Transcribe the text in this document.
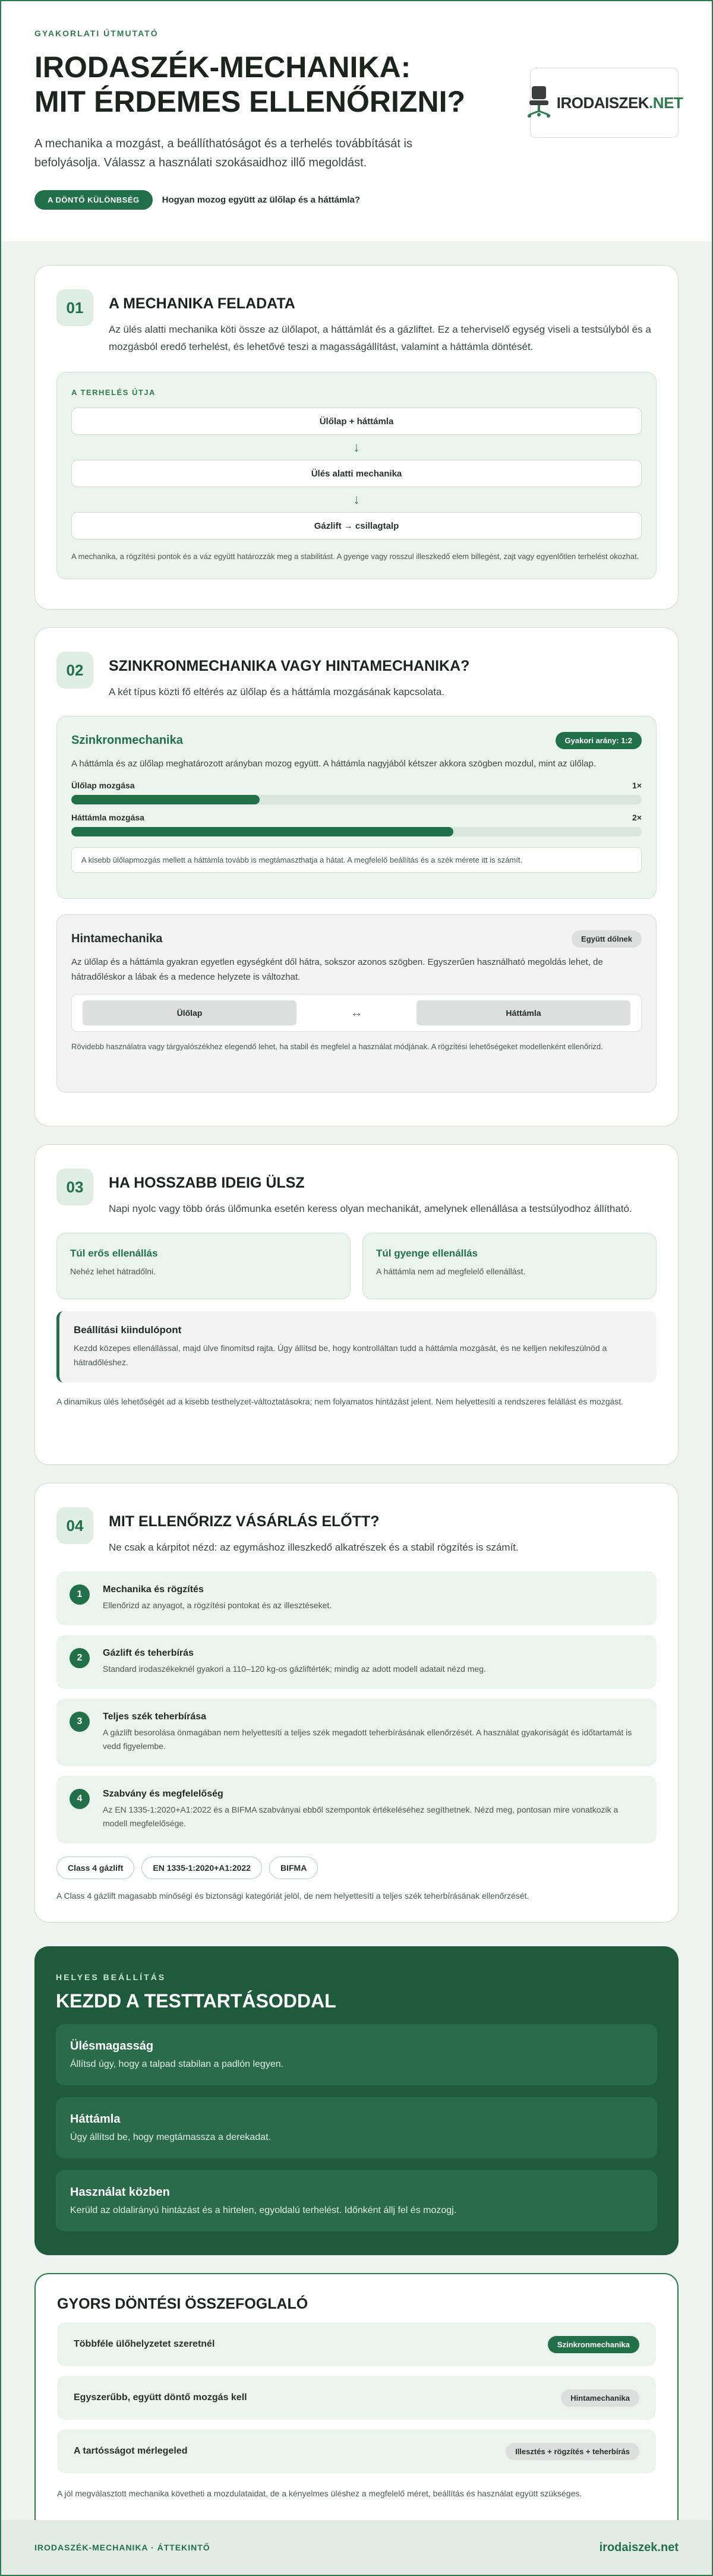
GYAKORLATI ÚTMUTATÓ
IRODASZÉK-MECHANIKA:
MIT ÉRDEMES ELLENŐRIZNI?

A mechanika a mozgást, a beállíthatóságot és a terhelés továbbítását is befolyásolja. Válassz a használati szokásaidhoz illő megoldást.

A DÖNTŐ KÜLÖNBSÉG	Hogyan mozog együtt az ülőlap és a háttámla?
IRODAISZEK.NET
01	A MECHANIKA FELADATA
Az ülés alatti mechanika köti össze az ülőlapot, a háttámlát és a gázliftet. Ez a teherviselő egység viseli a testsúlyból és a mozgásból eredő terhelést, és lehetővé teszi a magasságállítást, valamint a háttámla döntését.
A TERHELÉS ÚTJA
Ülőlap + háttámla
↓
Ülés alatti mechanika
↓
Gázlift → csillagtalp

A mechanika, a rögzítési pontok és a váz együtt határozzák meg a stabilitást. A gyenge vagy rosszul illeszkedő elem billegést, zajt vagy egyenlőtlen terhelést okozhat.

02	SZINKRONMECHANIKA VAGY HINTAMECHANIKA?
A két típus közti fő eltérés az ülőlap és a háttámla mozgásának kapcsolata.
Szinkronmechanika	Gyakori arány: 1:2

A háttámla és az ülőlap meghatározott arányban mozog együtt. A háttámla nagyjából kétszer akkora szögben mozdul, mint az ülőlap.

Ülőlap mozgása	1×
Háttámla mozgása	2×
A kisebb ülőlapmozgás mellett a háttámla tovább is megtámaszthatja a hátat. A megfelelő beállítás és a szék mérete itt is számít.
Hintamechanika	Együtt dőlnek

Az ülőlap és a háttámla gyakran egyetlen egységként dől hátra, sokszor azonos szögben. Egyszerűen használható megoldás lehet, de hátradőléskor a lábak és a medence helyzete is változhat.

Ülőlap	↔	Háttámla

Rövidebb használatra vagy tárgyalószékhez elegendő lehet, ha stabil és megfelel a használat módjának. A rögzítési lehetőségeket modellenként ellenőrizd.

03	HA HOSSZABB IDEIG ÜLSZ
Napi nyolc vagy több órás ülőmunka esetén keress olyan mechanikát, amelynek ellenállása a testsúlyodhoz állítható.
Túl erős ellenállás
Nehéz lehet hátradőlni.
Túl gyenge ellenállás
A háttámla nem ad megfelelő ellenállást.
Beállítási kiindulópont

Kezdd közepes ellenállással, majd ülve finomítsd rajta. Úgy állítsd be, hogy kontrolláltan tudd a háttámla mozgását, és ne kelljen nekifeszülnöd a hátradőléshez.

A dinamikus ülés lehetőségét ad a kisebb testhelyzet-változtatásokra; nem folyamatos hintázást jelent. Nem helyettesíti a rendszeres felállást és mozgást.

04	MIT ELLENŐRIZZ VÁSÁRLÁS ELŐTT?
Ne csak a kárpitot nézd: az egymáshoz illeszkedő alkatrészek és a stabil rögzítés is számít.
1	Mechanika és rögzítés

Ellenőrizd az anyagot, a rögzítési pontokat és az illesztéseket.

2	Gázlift és teherbírás

Standard irodaszékeknél gyakori a 110–120 kg-os gázliftérték; mindig az adott modell adatait nézd meg.

3	Teljes szék teherbírása

A gázlift besorolása önmagában nem helyettesíti a teljes szék megadott teherbírásának ellenőrzését. A használat gyakoriságát és időtartamát is vedd figyelembe.

4	Szabvány és megfelelőség

Az EN 1335-1:2020+A1:2022 és a BIFMA szabványai ebből szempontok értékeléséhez segíthetnek. Nézd meg, pontosan mire vonatkozik a modell megfelelősége.

Class 4 gázlift	EN 1335-1:2020+A1:2022	BIFMA

A Class 4 gázlift magasabb minőségi és biztonsági kategóriát jelöl, de nem helyettesíti a teljes szék teherbírásának ellenőrzését.

HELYES BEÁLLÍTÁS
KEZDD A TESTTARTÁSODDAL
Ülésmagasság

Állítsd úgy, hogy a talpad stabilan a padlón legyen.

Háttámla

Úgy állítsd be, hogy megtámassza a derekadat.

Használat közben

Kerüld az oldalirányú hintázást és a hirtelen, egyoldalú terhelést. Időnként állj fel és mozogj.

GYORS DÖNTÉSI ÖSSZEFOGLALÓ
Többféle ülőhelyzetet szeretnél	Szinkronmechanika
Egyszerűbb, együtt döntő mozgás kell	Hintamechanika
A tartósságot mérlegeled	Illesztés + rögzítés + teherbírás

A jól megválasztott mechanika követheti a mozdulataidat, de a kényelmes üléshez a megfelelő méret, beállítás és használat együtt szükséges.

IRODASZÉK-MECHANIKA · ÁTTEKINTŐ	irodaiszek.net
